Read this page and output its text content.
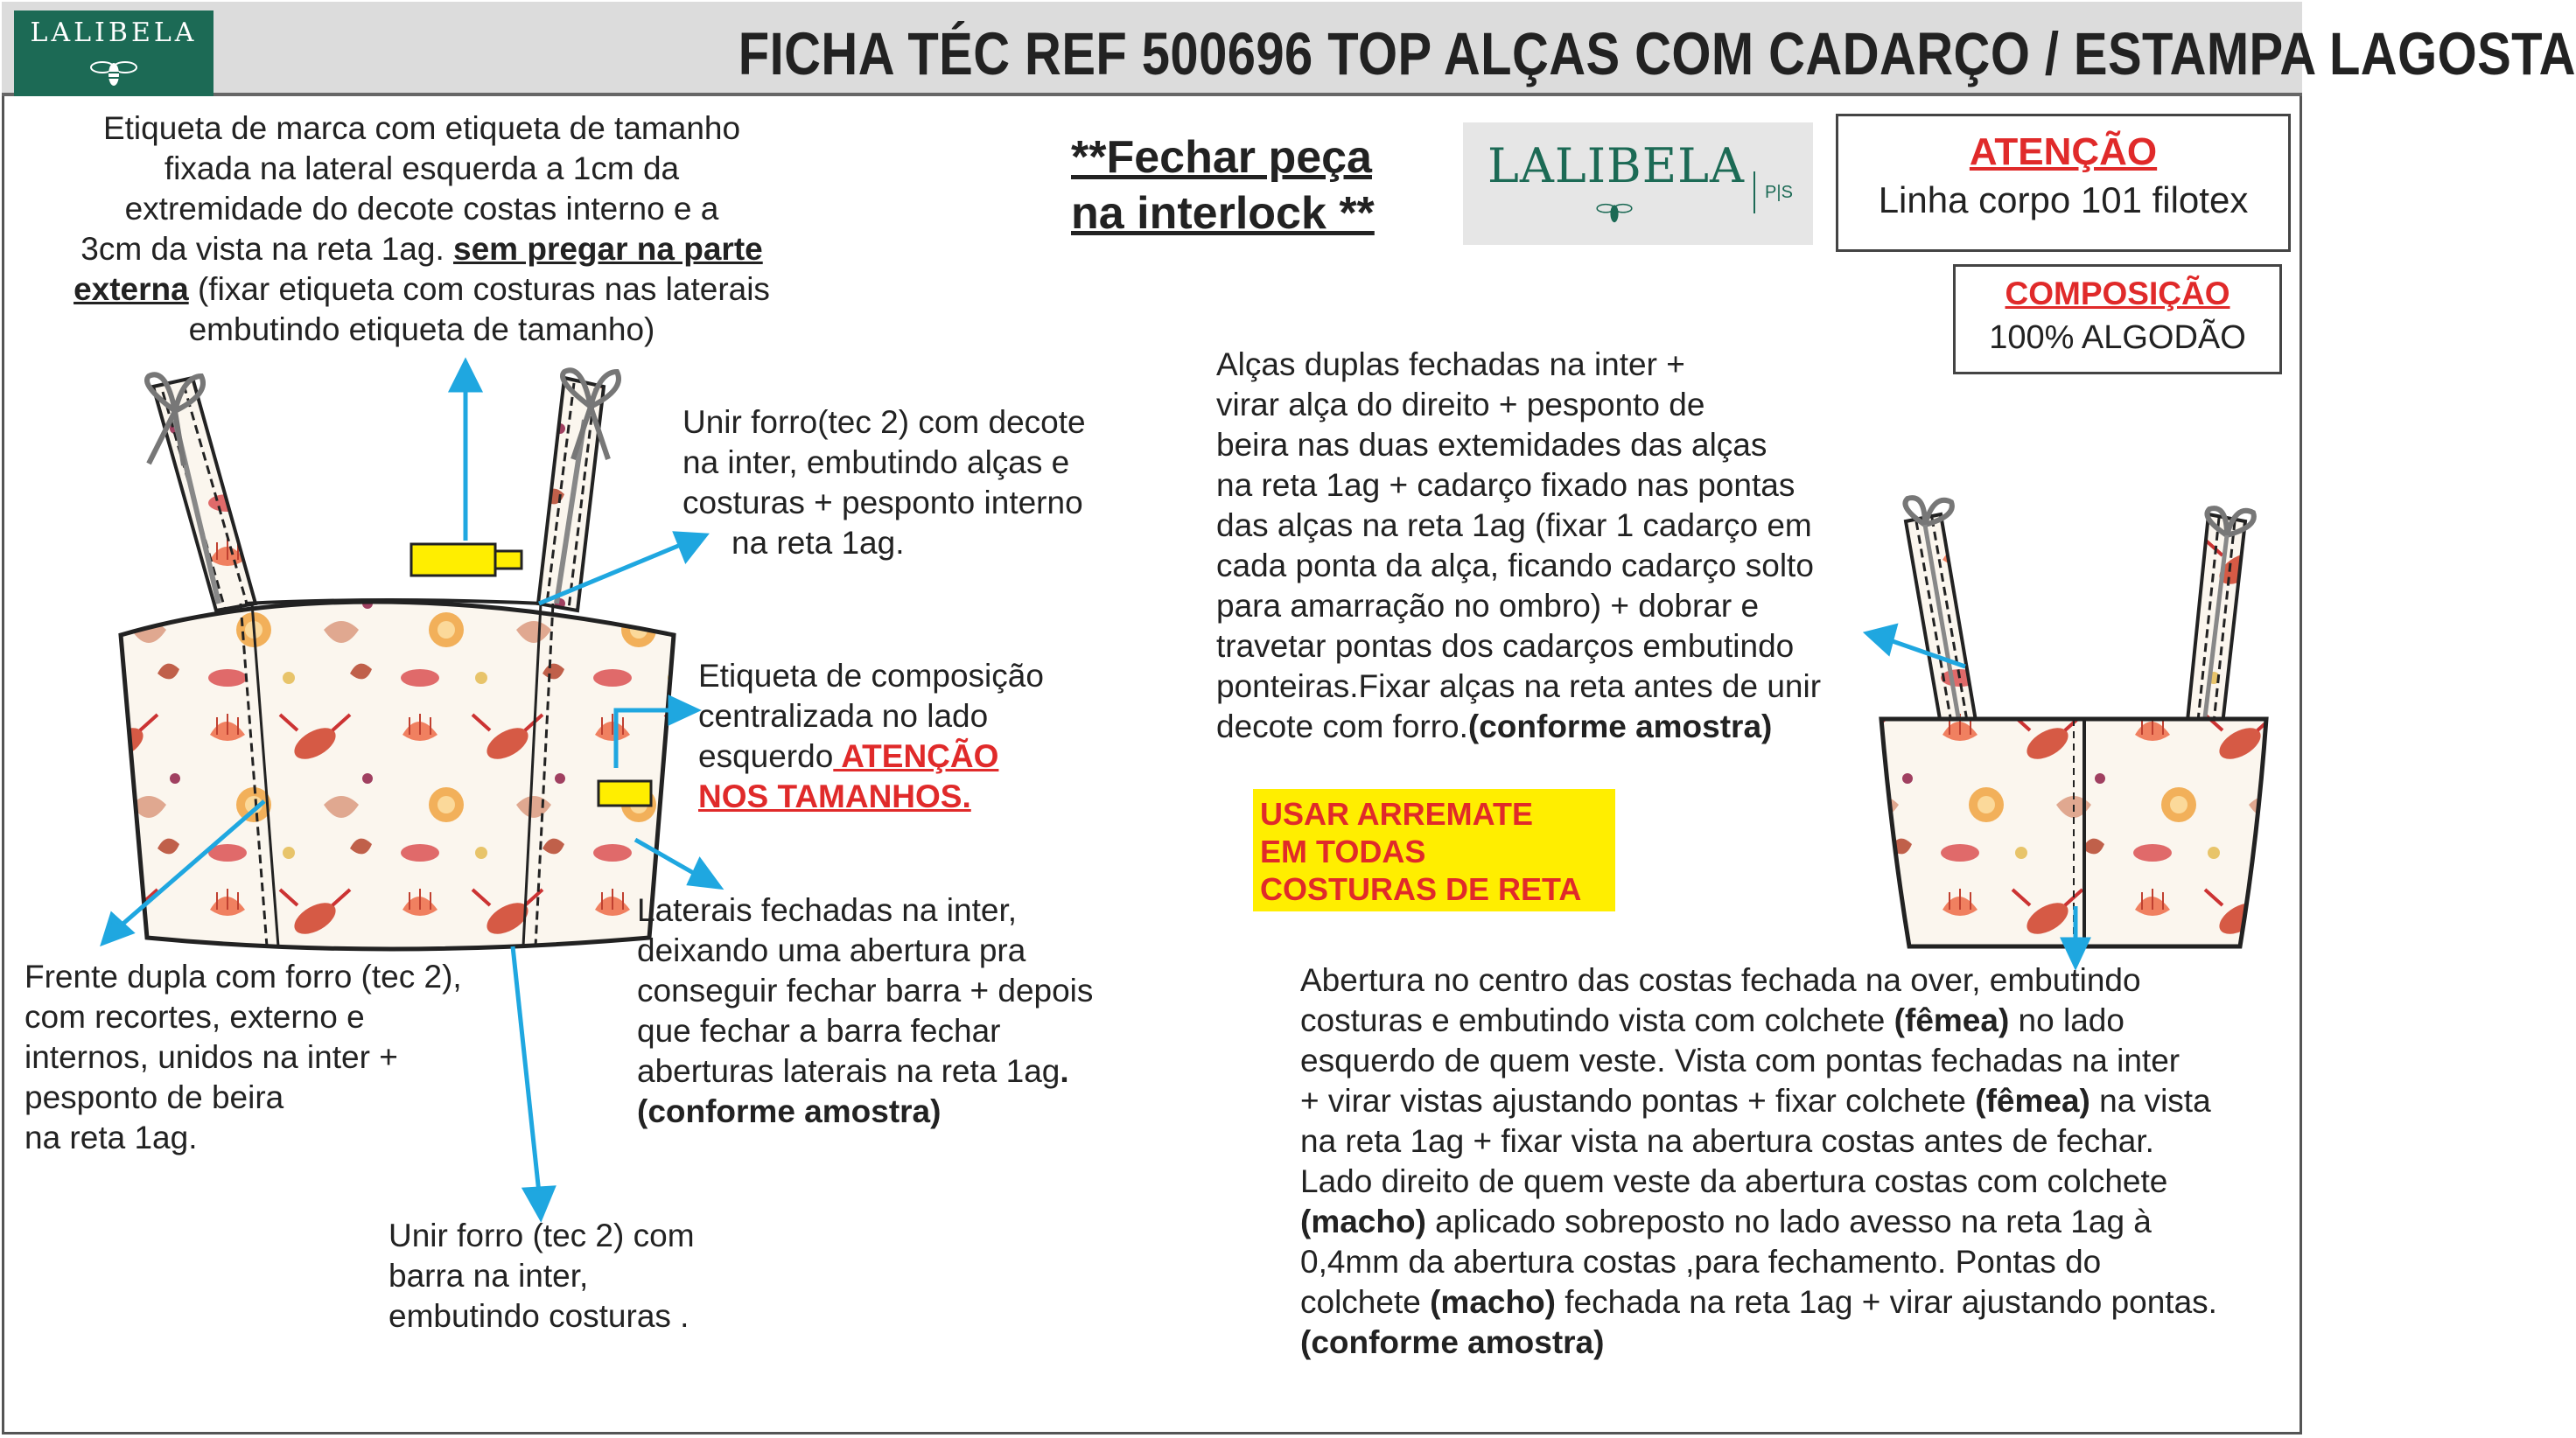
LALIBELA	FICHA TÉC REF 500696 TOP ALÇAS COM CADARÇO / ESTAMPA LAGOSTA
Etiqueta de marca com etiqueta de tamanho
fixada na lateral esquerda a 1cm da
extremidade do decote costas interno e a
3cm da vista na reta 1ag. sem pregar na parte
externa (fixar etiqueta com costuras nas laterais
embutindo etiqueta de tamanho)
**Fechar peça
na interlock **
LALIBELA	P|S
ATENÇÃO
Linha corpo 101 filotex
COMPOSIÇÃO
100% ALGODÃO
Unir forro(tec 2) com decote
na inter, embutindo alças e
costuras + pesponto interno
na reta 1ag.
Etiqueta de composição
centralizada no lado
esquerdo ATENÇÃO
NOS TAMANHOS.
Laterais fechadas na inter,
deixando uma abertura pra
conseguir fechar barra + depois
que fechar a barra fechar
aberturas laterais na reta 1ag.
(conforme amostra)
Frente dupla com forro (tec 2),
com recortes, externo e
internos, unidos na inter +
pesponto de beira
na reta 1ag.
Unir forro (tec 2) com
barra na inter,
embutindo costuras .
Alças duplas fechadas na inter +
virar alça do direito + pesponto de
beira nas duas extemidades das alças
na reta 1ag + cadarço fixado nas pontas
das alças na reta 1ag (fixar 1 cadarço em
cada ponta da alça, ficando cadarço solto
para amarração no ombro) + dobrar e
travetar pontas dos cadarços embutindo
ponteiras.Fixar alças na reta antes de unir
decote com forro.(conforme amostra)
USAR ARREMATE
EM TODAS
COSTURAS DE RETA
Abertura no centro das costas fechada na over, embutindo
costuras e embutindo vista com colchete (fêmea) no lado
esquerdo de quem veste. Vista com pontas fechadas na inter
+ virar vistas ajustando pontas + fixar colchete (fêmea) na vista
na reta 1ag + fixar vista na abertura costas antes de fechar.
Lado direito de quem veste da abertura costas com colchete
(macho) aplicado sobreposto no lado avesso na reta 1ag à
0,4mm da abertura costas ,para fechamento. Pontas do
colchete (macho) fechada na reta 1ag + virar ajustando pontas.
(conforme amostra)
